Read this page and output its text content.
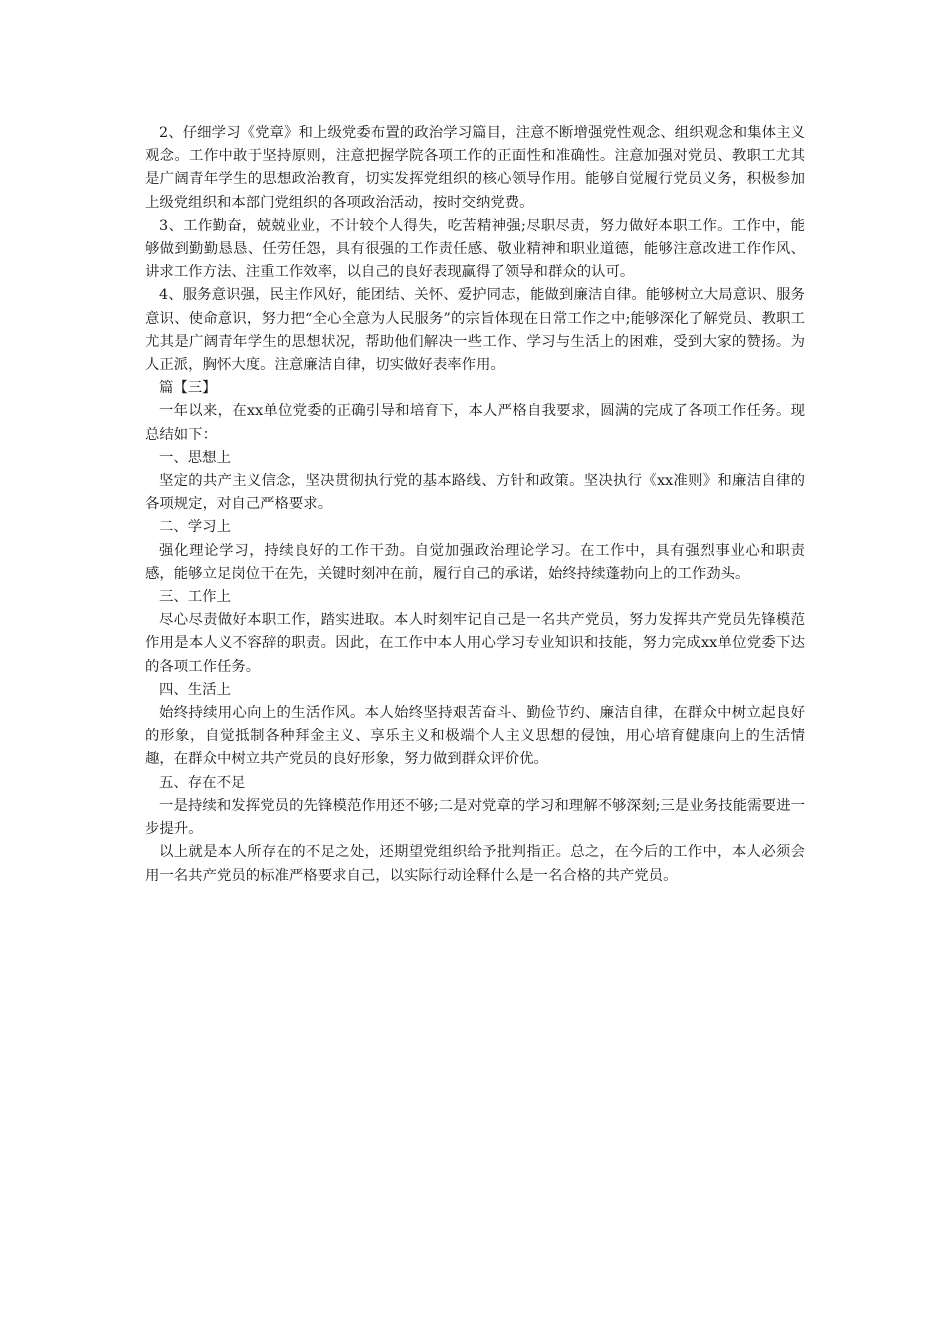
2、仔细学习《党章》和上级党委布置的政治学习篇目，注意不断增强党性观念、组织观念和集体主义观念。工作中敢于坚持原则，注意把握学院各项工作的正面性和准确性。注意加强对党员、教职工尤其是广阔青年学生的思想政治教育，切实发挥党组织的核心领导作用。能够自觉履行党员义务，积极参加上级党组织和本部门党组织的各项政治活动，按时交纳党费。

3、工作勤奋，兢兢业业，不计较个人得失，吃苦精神强;尽职尽责，努力做好本职工作。工作中，能够做到勤勤恳恳、任劳任怨，具有很强的工作责任感、敬业精神和职业道德，能够注意改进工作作风、讲求工作方法、注重工作效率，以自己的良好表现赢得了领导和群众的认可。

4、服务意识强，民主作风好，能团结、关怀、爱护同志，能做到廉洁自律。能够树立大局意识、服务意识、使命意识，努力把“全心全意为人民服务”的宗旨体现在日常工作之中;能够深化了解党员、教职工尤其是广阔青年学生的思想状况，帮助他们解决一些工作、学习与生活上的困难，受到大家的赞扬。为人正派，胸怀大度。注意廉洁自律，切实做好表率作用。

篇【三】

一年以来，在xx单位党委的正确引导和培育下，本人严格自我要求，圆满的完成了各项工作任务。现总结如下：

一、思想上

坚定的共产主义信念，坚决贯彻执行党的基本路线、方针和政策。坚决执行《xx准则》和廉洁自律的各项规定，对自己严格要求。

二、学习上

强化理论学习，持续良好的工作干劲。自觉加强政治理论学习。在工作中，具有强烈事业心和职责感，能够立足岗位干在先，关键时刻冲在前，履行自己的承诺，始终持续蓬勃向上的工作劲头。

三、工作上

尽心尽责做好本职工作，踏实进取。本人时刻牢记自己是一名共产党员，努力发挥共产党员先锋模范作用是本人义不容辞的职责。因此，在工作中本人用心学习专业知识和技能，努力完成xx单位党委下达的各项工作任务。

四、生活上

始终持续用心向上的生活作风。本人始终坚持艰苦奋斗、勤俭节约、廉洁自律，在群众中树立起良好的形象，自觉抵制各种拜金主义、享乐主义和极端个人主义思想的侵蚀，用心培育健康向上的生活情趣，在群众中树立共产党员的良好形象，努力做到群众评价优。

五、存在不足

一是持续和发挥党员的先锋模范作用还不够;二是对党章的学习和理解不够深刻;三是业务技能需要进一步提升。

以上就是本人所存在的不足之处，还期望党组织给予批判指正。总之，在今后的工作中，本人必须会用一名共产党员的标准严格要求自己，以实际行动诠释什么是一名合格的共产党员。
